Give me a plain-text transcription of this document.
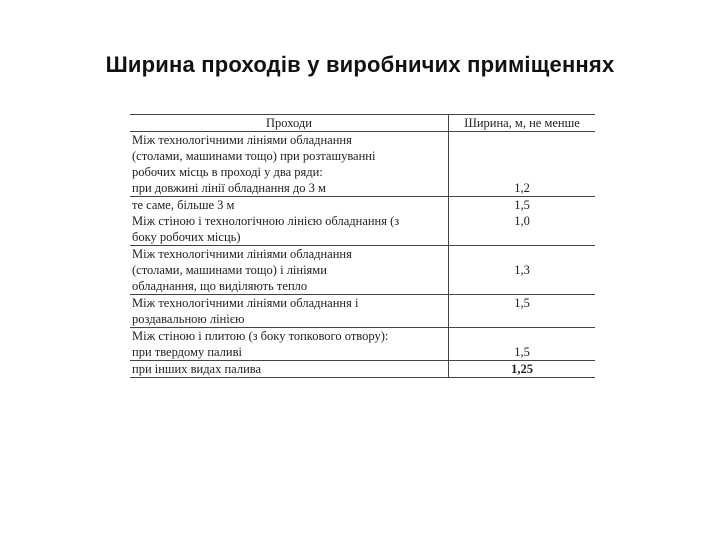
Ширина проходів у виробничих приміщеннях
Проходи	Ширина, м, не менше

Між технологічними лініями обладнання
(столами, машинами тощо) при розташуванні
робочих місць в проході у два ряди:	

при довжині лінії обладнання до 3 м	1,2

те саме, більше 3 м	1,5

Між стіною і технологічною лінією обладнання (з
боку робочих місць)	1,0

Між технологічними лініями обладнання
(столами, машинами тощо) і лініями
обладнання, що виділяють тепло	1,3

Між технологічними лініями обладнання і
роздавальною лінією	1,5

Між стіною і плитою (з боку топкового отвору):	

при твердому паливі	1,5

при інших видах палива	1,25
